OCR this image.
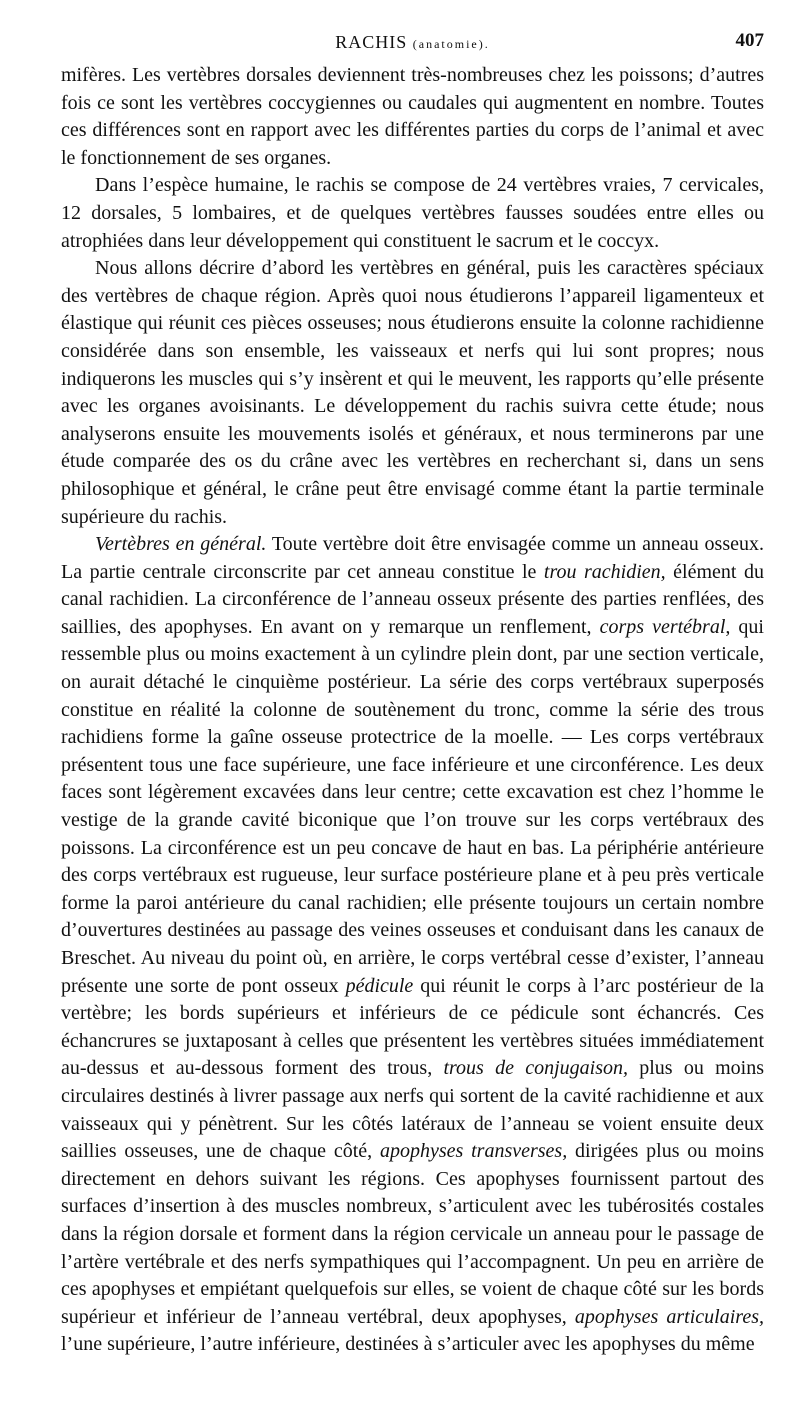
RACHIS (anatomie).	407

mifères. Les vertèbres dorsales deviennent très-nombreuses chez les poissons; d’autres fois ce sont les vertèbres coccygiennes ou caudales qui augmentent en nombre. Toutes ces différences sont en rapport avec les différentes parties du corps de l’animal et avec le fonctionnement de ses organes.

Dans l’espèce humaine, le rachis se compose de 24 vertèbres vraies, 7 cervicales, 12 dorsales, 5 lombaires, et de quelques vertèbres fausses soudées entre elles ou atrophiées dans leur développement qui constituent le sacrum et le coccyx.

Nous allons décrire d’abord les vertèbres en général, puis les caractères spéciaux des vertèbres de chaque région. Après quoi nous étudierons l’appareil ligamenteux et élastique qui réunit ces pièces osseuses; nous étudierons ensuite la colonne rachidienne considérée dans son ensemble, les vaisseaux et nerfs qui lui sont propres; nous indiquerons les muscles qui s’y insèrent et qui le meuvent, les rapports qu’elle présente avec les organes avoisinants. Le développement du rachis suivra cette étude; nous analyserons ensuite les mouvements isolés et généraux, et nous terminerons par une étude comparée des os du crâne avec les vertèbres en recherchant si, dans un sens philosophique et général, le crâne peut être envisagé comme étant la partie terminale supérieure du rachis.

Vertèbres en général. Toute vertèbre doit être envisagée comme un anneau osseux. La partie centrale circonscrite par cet anneau constitue le trou rachidien, élément du canal rachidien. La circonférence de l’anneau osseux présente des parties renflées, des saillies, des apophyses. En avant on y remarque un renflement, corps vertébral, qui ressemble plus ou moins exactement à un cylindre plein dont, par une section verticale, on aurait détaché le cinquième postérieur. La série des corps vertébraux superposés constitue en réalité la colonne de soutènement du tronc, comme la série des trous rachidiens forme la gaîne osseuse protectrice de la moelle. — Les corps vertébraux présentent tous une face supérieure, une face inférieure et une circonférence. Les deux faces sont légèrement excavées dans leur centre; cette excavation est chez l’homme le vestige de la grande cavité biconique que l’on trouve sur les corps vertébraux des poissons. La circonférence est un peu concave de haut en bas. La périphérie antérieure des corps vertébraux est rugueuse, leur surface postérieure plane et à peu près verticale forme la paroi antérieure du canal rachidien; elle présente toujours un certain nombre d’ouvertures destinées au passage des veines osseuses et conduisant dans les canaux de Breschet. Au niveau du point où, en arrière, le corps vertébral cesse d’exister, l’anneau présente une sorte de pont osseux pédicule qui réunit le corps à l’arc postérieur de la vertèbre; les bords supérieurs et inférieurs de ce pédicule sont échancrés. Ces échancrures se juxtaposant à celles que présentent les vertèbres situées immédiatement au-dessus et au-dessous forment des trous, trous de conjugaison, plus ou moins circulaires destinés à livrer passage aux nerfs qui sortent de la cavité rachidienne et aux vaisseaux qui y pénètrent. Sur les côtés latéraux de l’anneau se voient ensuite deux saillies osseuses, une de chaque côté, apophyses transverses, dirigées plus ou moins directement en dehors suivant les régions. Ces apophyses fournissent partout des surfaces d’insertion à des muscles nombreux, s’articulent avec les tubérosités costales dans la région dorsale et forment dans la région cervicale un anneau pour le passage de l’artère vertébrale et des nerfs sympathiques qui l’accompagnent. Un peu en arrière de ces apophyses et empiétant quelquefois sur elles, se voient de chaque côté sur les bords supérieur et inférieur de l’anneau vertébral, deux apophyses, apophyses articulaires, l’une supérieure, l’autre inférieure, destinées à s’articuler avec les apophyses du même
